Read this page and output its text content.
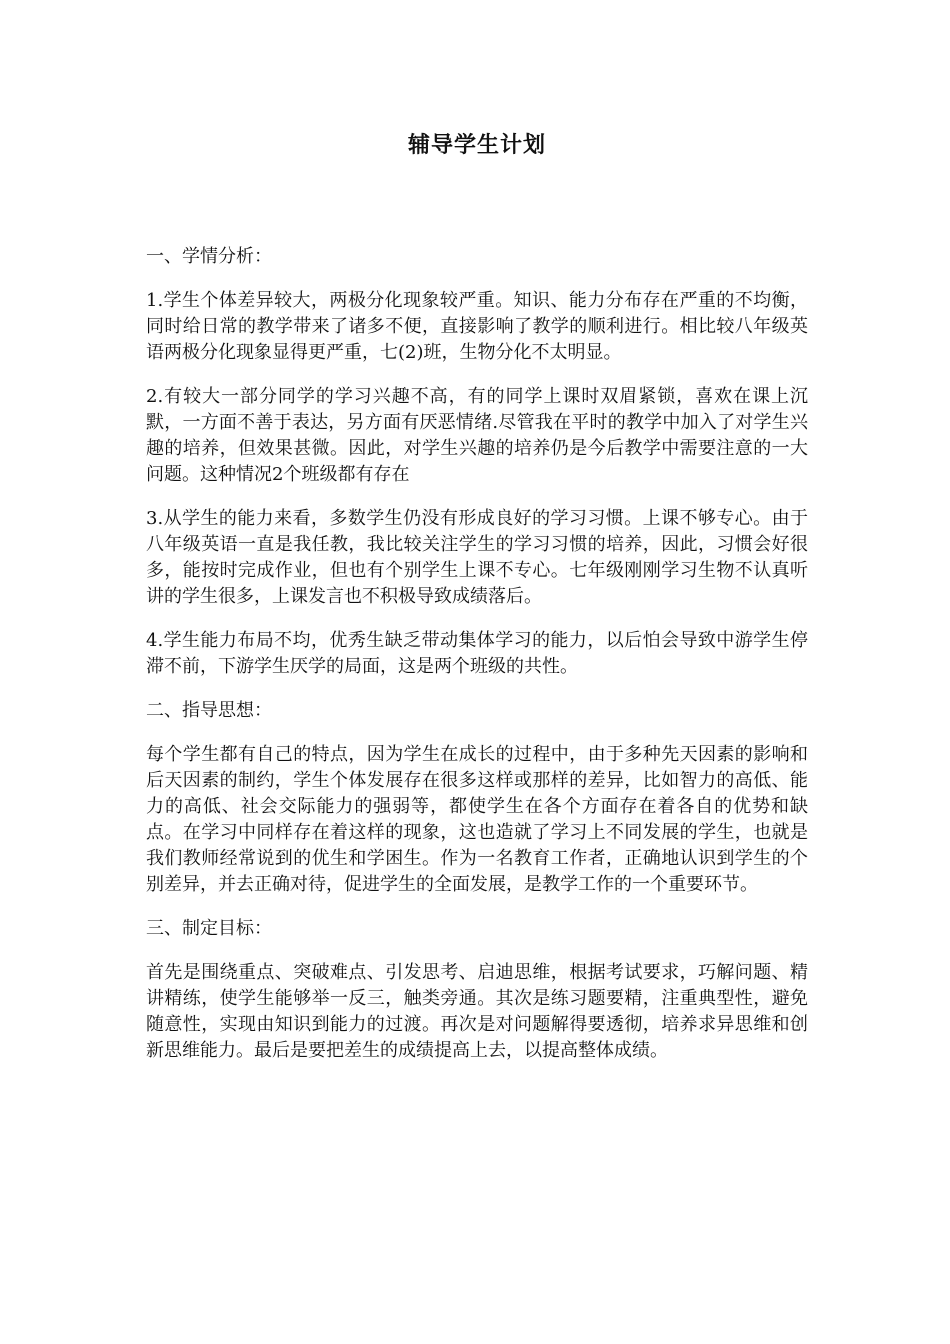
辅导学生计划

一、学情分析：

1.学生个体差异较大，两极分化现象较严重。知识、能力分布存在严重的不均衡，同时给日常的教学带来了诸多不便，直接影响了教学的顺利进行。相比较八年级英语两极分化现象显得更严重，七(2)班，生物分化不太明显。

2.有较大一部分同学的学习兴趣不高，有的同学上课时双眉紧锁，喜欢在课上沉默，一方面不善于表达，另方面有厌恶情绪.尽管我在平时的教学中加入了对学生兴趣的培养，但效果甚微。因此，对学生兴趣的培养仍是今后教学中需要注意的一大问题。这种情况2个班级都有存在

3.从学生的能力来看，多数学生仍没有形成良好的学习习惯。上课不够专心。由于八年级英语一直是我任教，我比较关注学生的学习习惯的培养，因此，习惯会好很多，能按时完成作业，但也有个别学生上课不专心。七年级刚刚学习生物不认真听讲的学生很多，上课发言也不积极导致成绩落后。

4.学生能力布局不均，优秀生缺乏带动集体学习的能力，以后怕会导致中游学生停滞不前，下游学生厌学的局面，这是两个班级的共性。

二、指导思想：

每个学生都有自己的特点，因为学生在成长的过程中，由于多种先天因素的影响和后天因素的制约，学生个体发展存在很多这样或那样的差异，比如智力的高低、能力的高低、社会交际能力的强弱等，都使学生在各个方面存在着各自的优势和缺点。在学习中同样存在着这样的现象，这也造就了学习上不同发展的学生，也就是我们教师经常说到的优生和学困生。作为一名教育工作者，正确地认识到学生的个别差异，并去正确对待，促进学生的全面发展，是教学工作的一个重要环节。

三、制定目标：

首先是围绕重点、突破难点、引发思考、启迪思维，根据考试要求，巧解问题、精讲精练，使学生能够举一反三，触类旁通。其次是练习题要精，注重典型性，避免随意性，实现由知识到能力的过渡。再次是对问题解得要透彻，培养求异思维和创新思维能力。最后是要把差生的成绩提高上去，以提高整体成绩。
